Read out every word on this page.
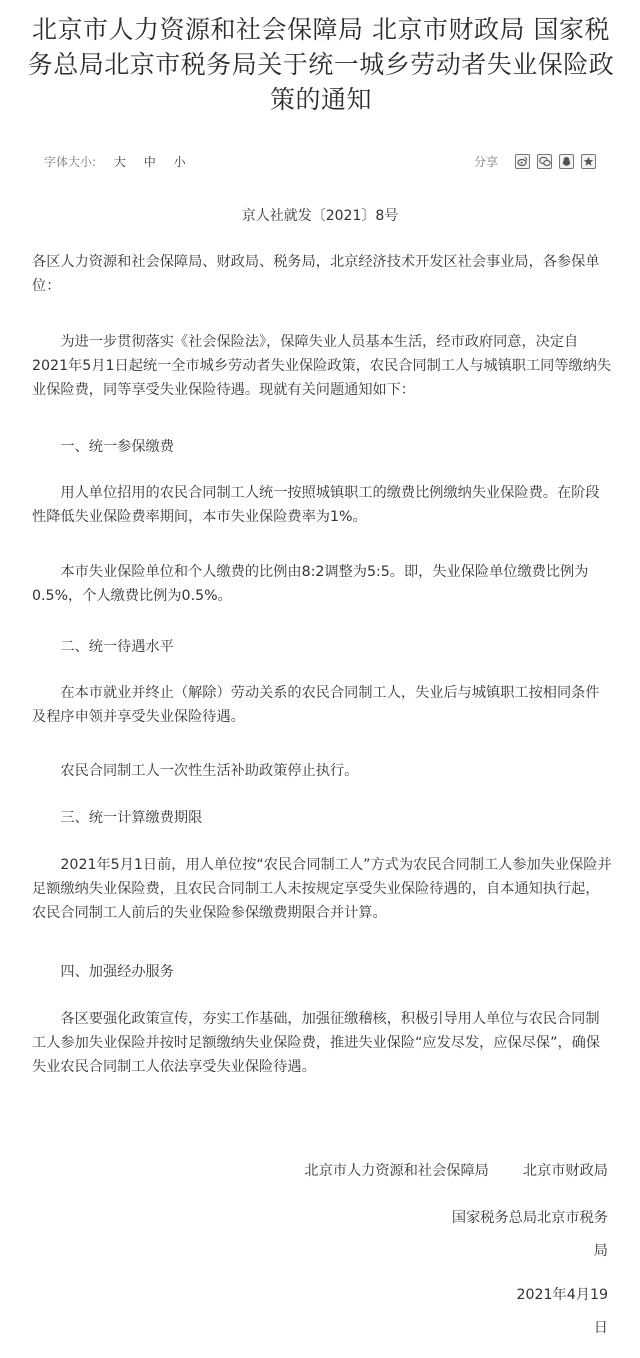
北京市人力资源和社会保障局 北京市财政局 国家税务总局北京市税务局关于统一城乡劳动者失业保险政策的通知
字体大小: 大 中 小	分享
京人社就发〔2021〕8号

各区人力资源和社会保障局、财政局、税务局，北京经济技术开发区社会事业局，各参保单位：

为进一步贯彻落实《社会保险法》，保障失业人员基本生活，经市政府同意，决定自2021年5月1日起统一全市城乡劳动者失业保险政策，农民合同制工人与城镇职工同等缴纳失业保险费，同等享受失业保险待遇。现就有关问题通知如下：

一、统一参保缴费

用人单位招用的农民合同制工人统一按照城镇职工的缴费比例缴纳失业保险费。在阶段性降低失业保险费率期间，本市失业保险费率为1%。

本市失业保险单位和个人缴费的比例由8:2调整为5:5。即，失业保险单位缴费比例为0.5%，个人缴费比例为0.5%。

二、统一待遇水平

在本市就业并终止（解除）劳动关系的农民合同制工人，失业后与城镇职工按相同条件及程序申领并享受失业保险待遇。

农民合同制工人一次性生活补助政策停止执行。

三、统一计算缴费期限

2021年5月1日前，用人单位按“农民合同制工人”方式为农民合同制工人参加失业保险并足额缴纳失业保险费，且农民合同制工人未按规定享受失业保险待遇的，自本通知执行起，农民合同制工人前后的失业保险参保缴费期限合并计算。

四、加强经办服务

各区要强化政策宣传，夯实工作基础，加强征缴稽核，积极引导用人单位与农民合同制工人参加失业保险并按时足额缴纳失业保险费，推进失业保险“应发尽发，应保尽保”，确保失业农民合同制工人依法享受失业保险待遇。

北京市人力资源和社会保障局 北京市财政局
国家税务总局北京市税务
局
2021年4月19
日
